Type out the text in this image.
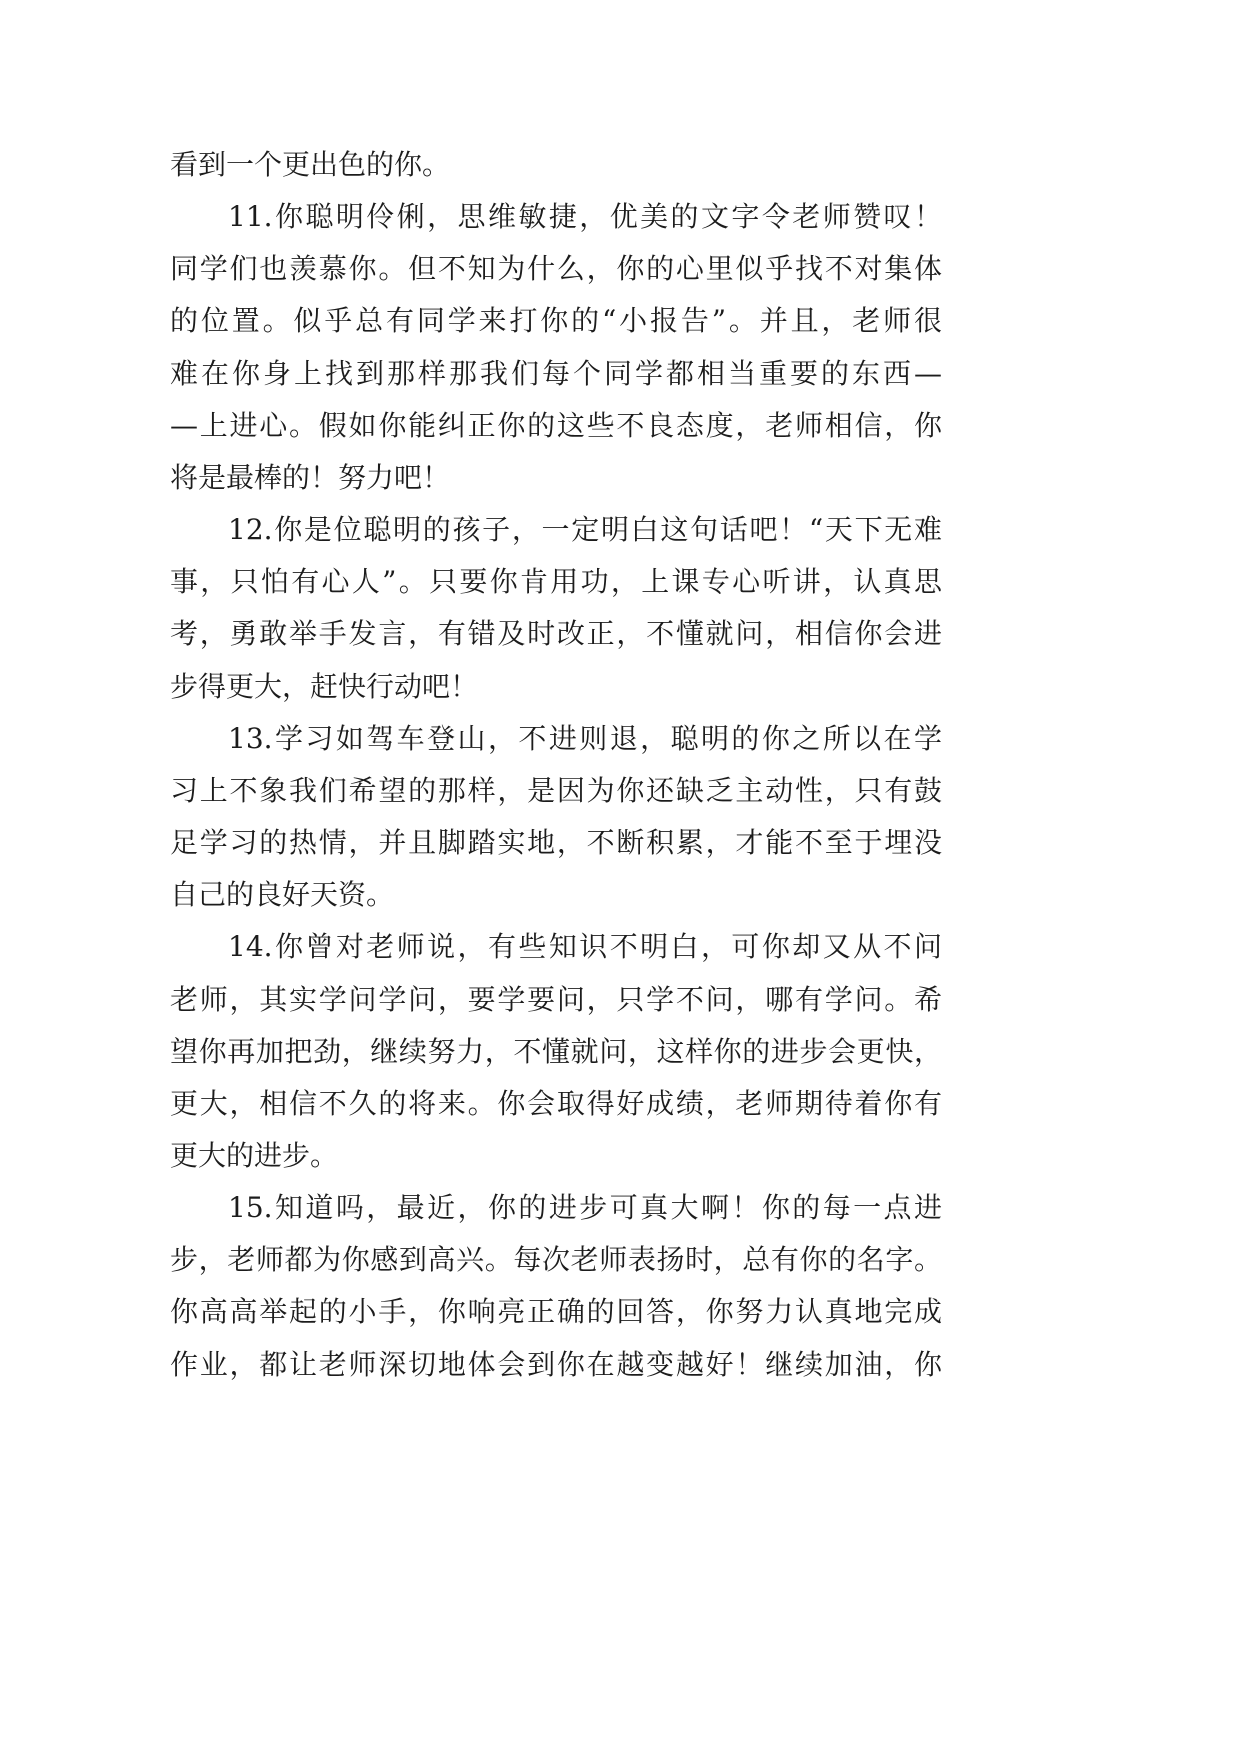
看到一个更出色的你。
11.你聪明伶俐，思维敏捷，优美的文字令老师赞叹！
同学们也羡慕你。但不知为什么，你的心里似乎找不对集体
的位置。似乎总有同学来打你的“小报告”。并且，老师很
难在你身上找到那样那我们每个同学都相当重要的东西—
—上进心。假如你能纠正你的这些不良态度，老师相信，你
将是最棒的！努力吧！
12.你是位聪明的孩子，一定明白这句话吧！“天下无难
事，只怕有心人”。只要你肯用功，上课专心听讲，认真思
考，勇敢举手发言，有错及时改正，不懂就问，相信你会进
步得更大，赶快行动吧！
13.学习如驾车登山，不进则退，聪明的你之所以在学
习上不象我们希望的那样，是因为你还缺乏主动性，只有鼓
足学习的热情，并且脚踏实地，不断积累，才能不至于埋没
自己的良好天资。
14.你曾对老师说，有些知识不明白，可你却又从不问
老师，其实学问学问，要学要问，只学不问，哪有学问。希
望你再加把劲，继续努力，不懂就问，这样你的进步会更快，
更大，相信不久的将来。你会取得好成绩，老师期待着你有
更大的进步。
15.知道吗，最近，你的进步可真大啊！你的每一点进
步，老师都为你感到高兴。每次老师表扬时，总有你的名字。
你高高举起的小手，你响亮正确的回答，你努力认真地完成
作业，都让老师深切地体会到你在越变越好！继续加油，你
